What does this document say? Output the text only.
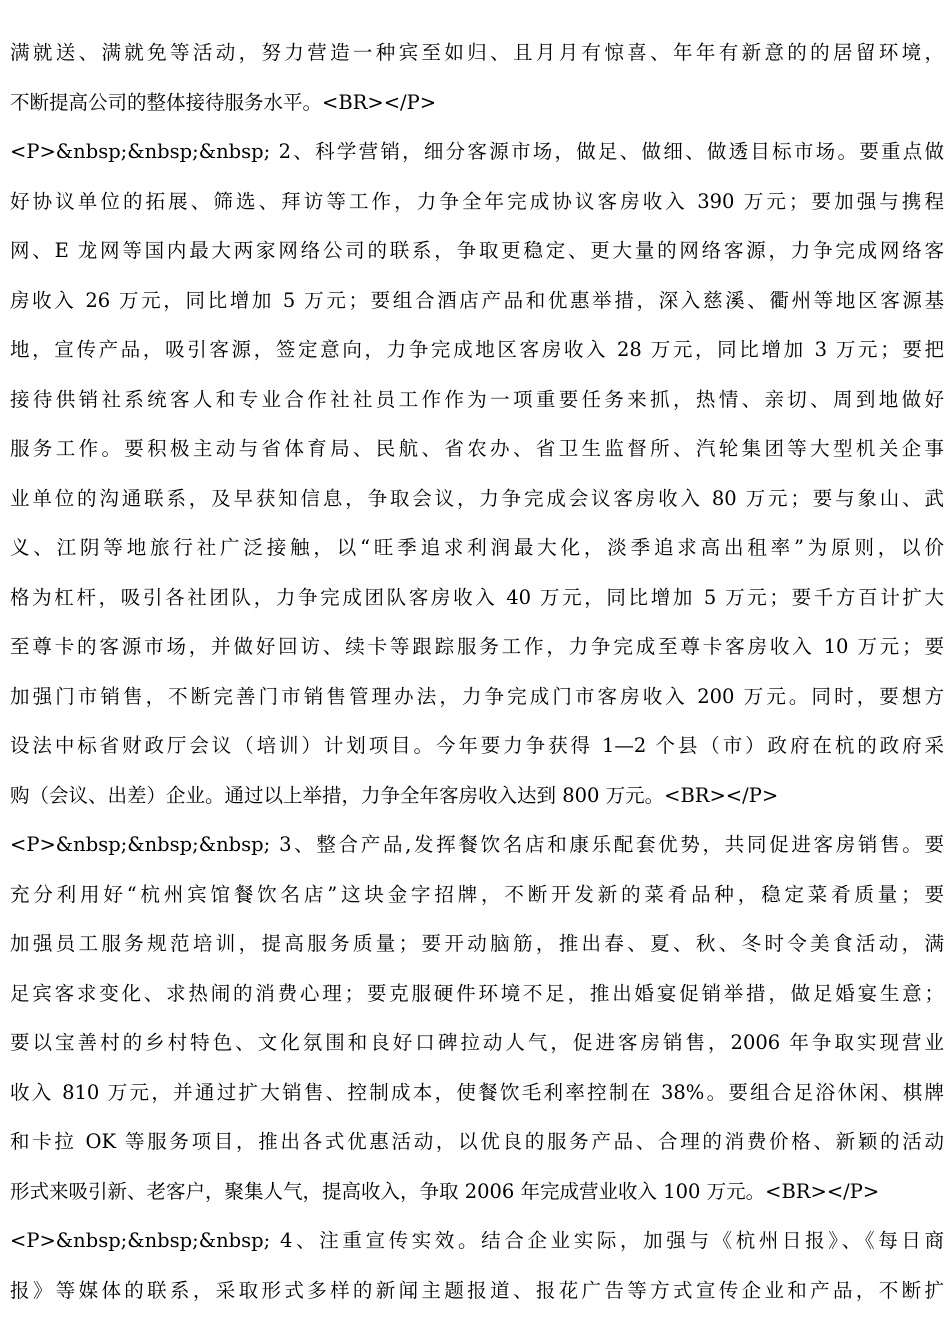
满就送、满就免等活动，努力营造一种宾至如归、且月月有惊喜、年年有新意的的居留环境，
不断提高公司的整体接待服务水平。<BR></P>
<P>&nbsp;&nbsp;&nbsp; 2、科学营销，细分客源市场，做足、做细、做透目标市场。要重点做
好协议单位的拓展、筛选、拜访等工作，力争全年完成协议客房收入 390 万元；要加强与携程
网、E 龙网等国内最大两家网络公司的联系，争取更稳定、更大量的网络客源，力争完成网络客
房收入 26 万元，同比增加 5 万元；要组合酒店产品和优惠举措，深入慈溪、衢州等地区客源基
地，宣传产品，吸引客源，签定意向，力争完成地区客房收入 28 万元，同比增加 3 万元；要把
接待供销社系统客人和专业合作社社员工作作为一项重要任务来抓，热情、亲切、周到地做好
服务工作。要积极主动与省体育局、民航、省农办、省卫生监督所、汽轮集团等大型机关企事
业单位的沟通联系，及早获知信息，争取会议，力争完成会议客房收入 80 万元；要与象山、武
义、江阴等地旅行社广泛接触，以“旺季追求利润最大化，淡季追求高出租率”为原则，以价
格为杠杆，吸引各社团队，力争完成团队客房收入 40 万元，同比增加 5 万元；要千方百计扩大
至尊卡的客源市场，并做好回访、续卡等跟踪服务工作，力争完成至尊卡客房收入 10 万元；要
加强门市销售，不断完善门市销售管理办法，力争完成门市客房收入 200 万元。同时，要想方
设法中标省财政厅会议（培训）计划项目。今年要力争获得 1—2 个县（市）政府在杭的政府采
购（会议、出差）企业。通过以上举措，力争全年客房收入达到 800 万元。<BR></P>
<P>&nbsp;&nbsp;&nbsp; 3、整合产品,发挥餐饮名店和康乐配套优势，共同促进客房销售。要
充分利用好“杭州宾馆餐饮名店”这块金字招牌，不断开发新的菜肴品种，稳定菜肴质量；要
加强员工服务规范培训，提高服务质量；要开动脑筋，推出春、夏、秋、冬时令美食活动，满
足宾客求变化、求热闹的消费心理；要克服硬件环境不足，推出婚宴促销举措，做足婚宴生意；
要以宝善村的乡村特色、文化氛围和良好口碑拉动人气，促进客房销售，2006 年争取实现营业
收入 810 万元，并通过扩大销售、控制成本，使餐饮毛利率控制在 38%。要组合足浴休闲、棋牌
和卡拉 OK 等服务项目，推出各式优惠活动，以优良的服务产品、合理的消费价格、新颖的活动
形式来吸引新、老客户，聚集人气，提高收入，争取 2006 年完成营业收入 100 万元。<BR></P>
<P>&nbsp;&nbsp;&nbsp; 4、注重宣传实效。结合企业实际，加强与《杭州日报》、《每日商
报》等媒体的联系，采取形式多样的新闻主题报道、报花广告等方式宣传企业和产品，不断扩
